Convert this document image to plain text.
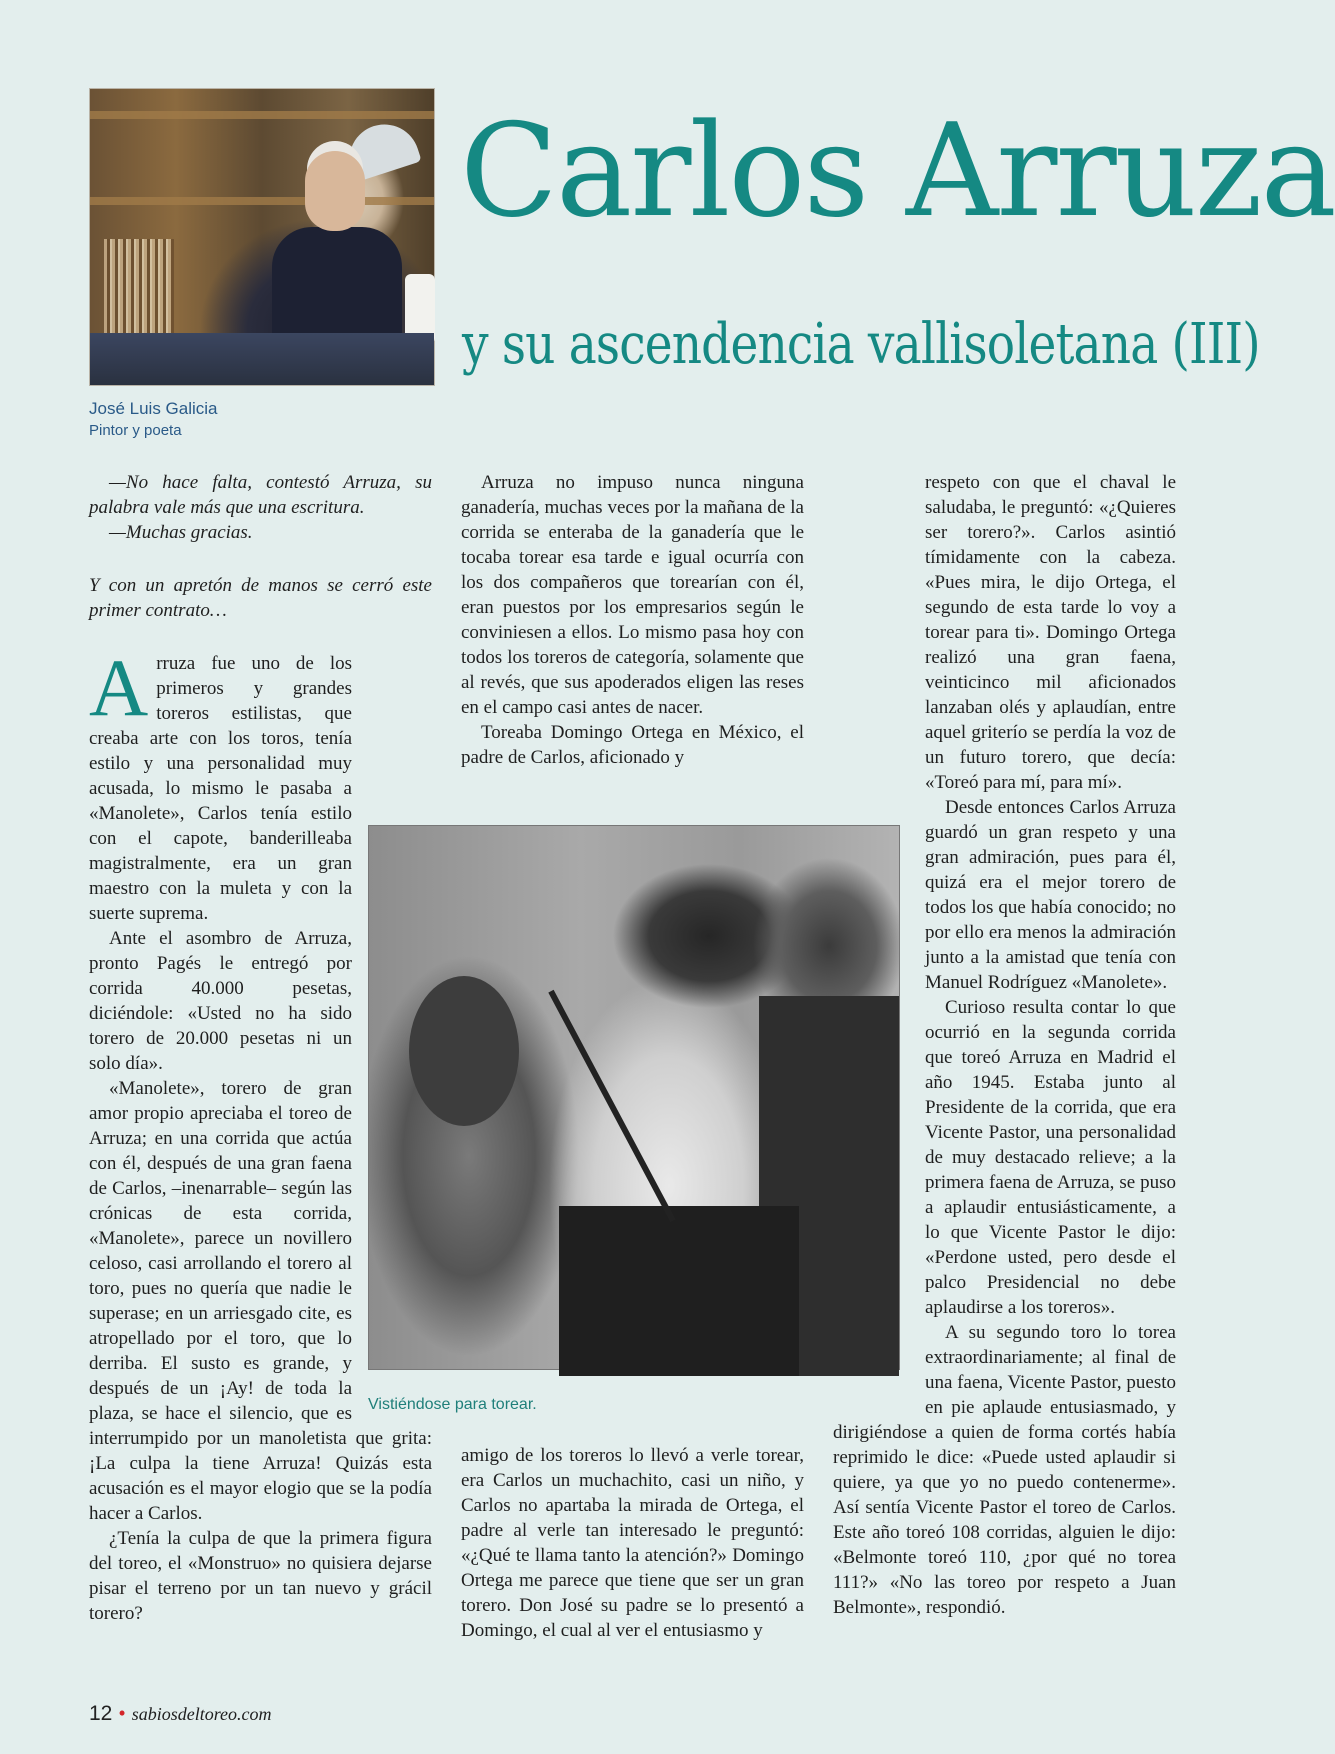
Carlos Arruza
y su ascendencia vallisoletana (III)
José Luis Galicia
Pintor y poeta

—No hace falta, contestó Arruza, su palabra vale más que una escritura.

—Muchas gracias.

Y con un apretón de manos se cerró este primer contrato…

Arruza fue uno de los primeros y grandes toreros estilistas, que creaba arte con los toros, tenía estilo y una personalidad muy acusada, lo mismo le pasaba a «Manolete», Carlos tenía estilo con el capote, banderilleaba magistralmente, era un gran maestro con la muleta y con la suerte suprema.

Ante el asombro de Arruza, pronto Pagés le entregó por corrida 40.000 pesetas, diciéndole: «Usted no ha sido torero de 20.000 pesetas ni un solo día».

«Manolete», torero de gran amor propio apreciaba el toreo de Arruza; en una corrida que actúa con él, después de una gran faena de Carlos, –inenarrable– según las crónicas de esta corrida, «Manolete», parece un novillero celoso, casi arrollando el torero al toro, pues no quería que nadie le superase; en un arriesgado cite, es atropellado por el toro, que lo derriba. El susto es grande, y después de un ¡Ay! de toda la plaza, se hace el silencio, que es interrumpido por un manoletista que grita: ¡La culpa la tiene Arruza! Quizás esta acusación es el mayor elogio que se la podía hacer a Carlos.

¿Tenía la culpa de que la primera figura del toreo, el «Monstruo» no quisiera dejarse pisar el terreno por un tan nuevo y grácil torero?

Arruza no impuso nunca ninguna ganadería, muchas veces por la mañana de la corrida se enteraba de la ganadería que le tocaba torear esa tarde e igual ocurría con los dos compañeros que torearían con él, eran puestos por los empresarios según le conviniesen a ellos. Lo mismo pasa hoy con todos los toreros de categoría, solamente que al revés, que sus apoderados eligen las reses en el campo casi antes de nacer.

Toreaba Domingo Ortega en México, el padre de Carlos, aficionado y

amigo de los toreros lo llevó a verle torear, era Carlos un muchachito, casi un niño, y Carlos no apartaba la mirada de Ortega, el padre al verle tan interesado le preguntó: «¿Qué te llama tanto la atención?» Domingo Ortega me parece que tiene que ser un gran torero. Don José su padre se lo presentó a Domingo, el cual al ver el entusiasmo y

respeto con que el chaval le saludaba, le preguntó: «¿Quieres ser torero?». Carlos asintió tímidamente con la cabeza. «Pues mira, le dijo Ortega, el segundo de esta tarde lo voy a torear para ti». Domingo Ortega realizó una gran faena, veinticinco mil aficionados lanzaban olés y aplaudían, entre aquel griterío se perdía la voz de un futuro torero, que decía: «Toreó para mí, para mí».

Desde entonces Carlos Arruza guardó un gran respeto y una gran admiración, pues para él, quizá era el mejor torero de todos los que había conocido; no por ello era menos la admiración junto a la amistad que tenía con Manuel Rodríguez «Manolete».

Curioso resulta contar lo que ocurrió en la segunda corrida que toreó Arruza en Madrid el año 1945. Estaba junto al Presidente de la corrida, que era Vicente Pastor, una personalidad de muy destacado relieve; a la primera faena de Arruza, se puso a aplaudir entusiásticamente, a lo que Vicente Pastor le dijo: «Perdone usted, pero desde el palco Presidencial no debe aplaudirse a los toreros».

A su segundo toro lo torea extraordinariamente; al final de una faena, Vicente Pastor, puesto en pie aplaude entusiasmado, y dirigiéndose a quien de forma cortés había reprimido le dice: «Puede usted aplaudir si quiere, ya que yo no puedo contenerme». Así sentía Vicente Pastor el toreo de Carlos. Este año toreó 108 corridas, alguien le dijo: «Belmonte toreó 110, ¿por qué no torea 111?» «No las toreo por respeto a Juan Belmonte», respondió.

Vistiéndose para torear.
12 • sabiosdeltoreo.com
